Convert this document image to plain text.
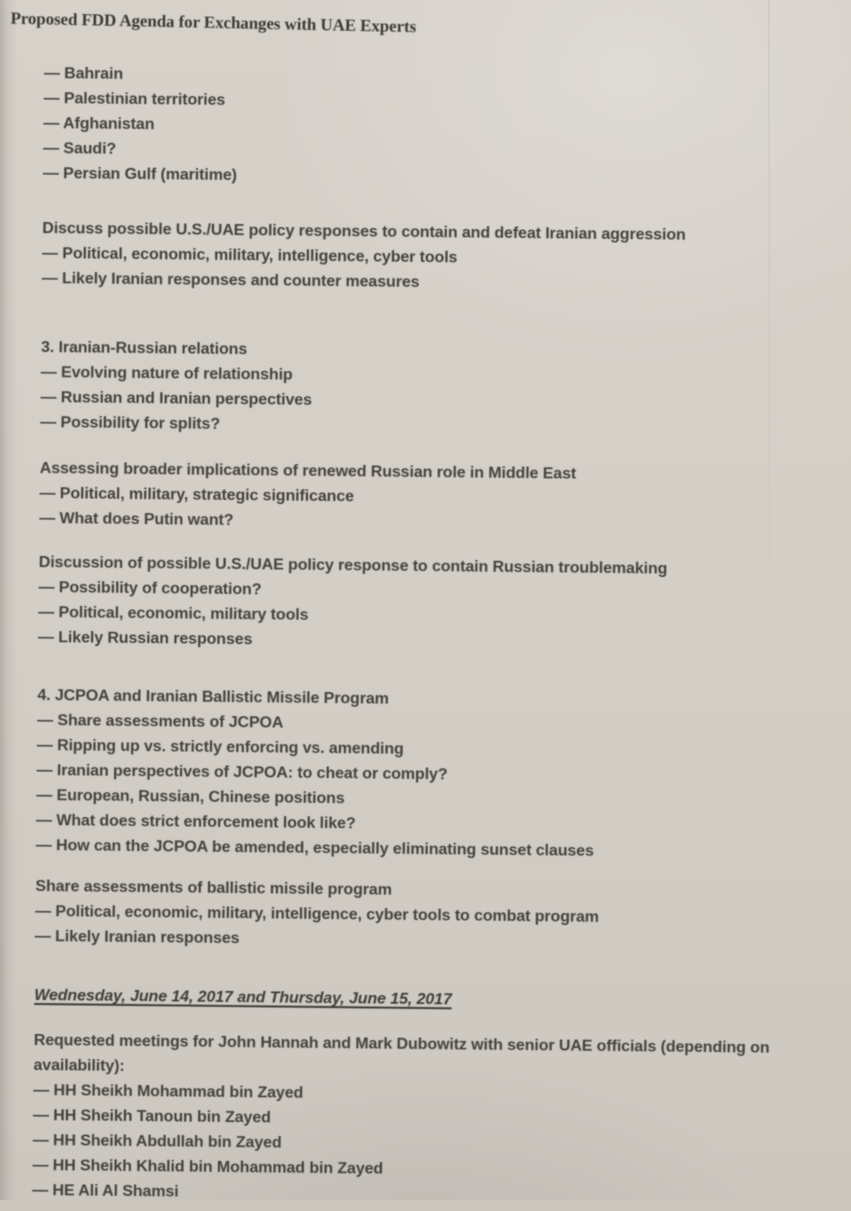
Proposed FDD Agenda for Exchanges with UAE Experts
— Bahrain
— Palestinian territories
— Afghanistan
— Saudi?
— Persian Gulf (maritime)
Discuss possible U.S./UAE policy responses to contain and defeat Iranian aggression
— Political, economic, military, intelligence, cyber tools
— Likely Iranian responses and counter measures
3. Iranian-Russian relations
— Evolving nature of relationship
— Russian and Iranian perspectives
— Possibility for splits?
Assessing broader implications of renewed Russian role in Middle East
— Political, military, strategic significance
— What does Putin want?
Discussion of possible U.S./UAE policy response to contain Russian troublemaking
— Possibility of cooperation?
— Political, economic, military tools
— Likely Russian responses
4. JCPOA and Iranian Ballistic Missile Program
— Share assessments of JCPOA
— Ripping up vs. strictly enforcing vs. amending
— Iranian perspectives of JCPOA: to cheat or comply?
— European, Russian, Chinese positions
— What does strict enforcement look like?
— How can the JCPOA be amended, especially eliminating sunset clauses
Share assessments of ballistic missile program
— Political, economic, military, intelligence, cyber tools to combat program
— Likely Iranian responses
Wednesday, June 14, 2017 and Thursday, June 15, 2017
Requested meetings for John Hannah and Mark Dubowitz with senior UAE officials (depending on availability):
— HH Sheikh Mohammad bin Zayed
— HH Sheikh Tanoun bin Zayed
— HH Sheikh Abdullah bin Zayed
— HH Sheikh Khalid bin Mohammad bin Zayed
— HE Ali Al Shamsi
